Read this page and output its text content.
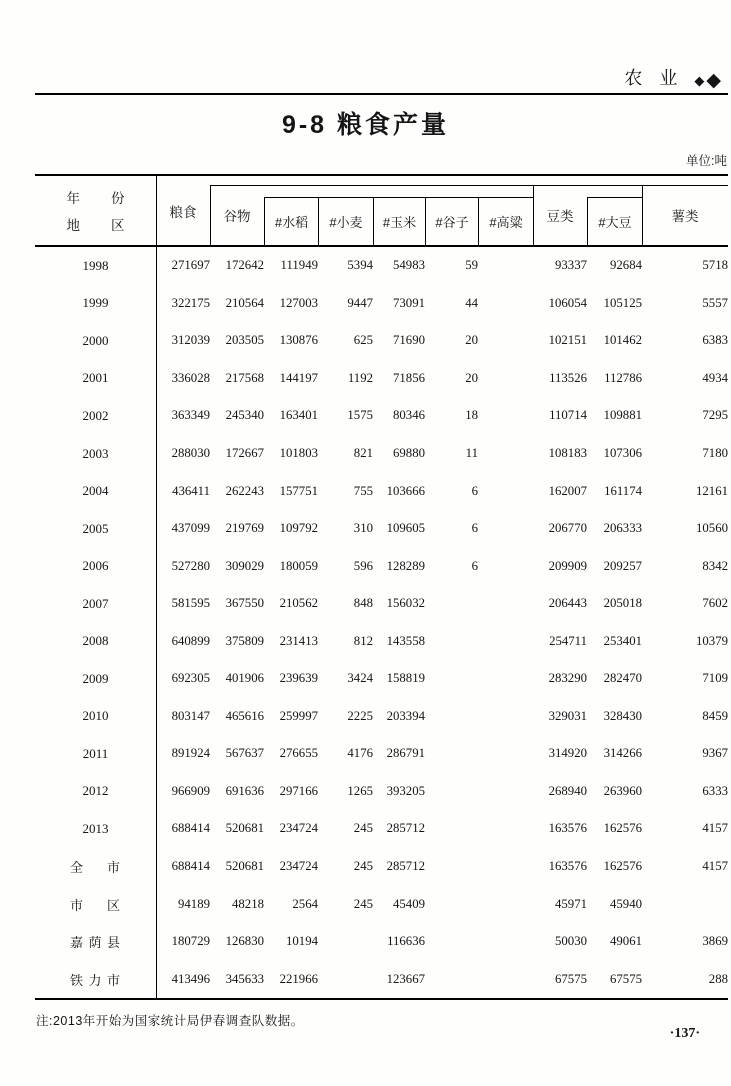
农业 ◆ ◆
9-8 粮食产量
单位:吨
年 份
地 区
粮食	谷物	#水稻	#小麦	#玉米	#谷子	#高粱	豆类	#大豆	薯类
1998	271697	172642	111949	5394	54983	59		93337	92684	5718

1999	322175	210564	127003	9447	73091	44		106054	105125	5557

2000	312039	203505	130876	625	71690	20		102151	101462	6383

2001	336028	217568	144197	1192	71856	20		113526	112786	4934

2002	363349	245340	163401	1575	80346	18		110714	109881	7295

2003	288030	172667	101803	821	69880	11		108183	107306	7180

2004	436411	262243	157751	755	103666	6		162007	161174	12161

2005	437099	219769	109792	310	109605	6		206770	206333	10560

2006	527280	309029	180059	596	128289	6		209909	209257	8342

2007	581595	367550	210562	848	156032			206443	205018	7602

2008	640899	375809	231413	812	143558			254711	253401	10379

2009	692305	401906	239639	3424	158819			283290	282470	7109

2010	803147	465616	259997	2225	203394			329031	328430	8459

2011	891924	567637	276655	4176	286791			314920	314266	9367

2012	966909	691636	297166	1265	393205			268940	263960	6333

2013	688414	520681	234724	245	285712			163576	162576	4157

全 市	688414	520681	234724	245	285712			163576	162576	4157

市 区	94189	48218	2564	245	45409			45971	45940	

嘉 荫 县	180729	126830	10194		116636			50030	49061	3869

铁 力 市	413496	345633	221966		123667			67575	67575	288
注:2013年开始为国家统计局伊春调查队数据。
·137·
